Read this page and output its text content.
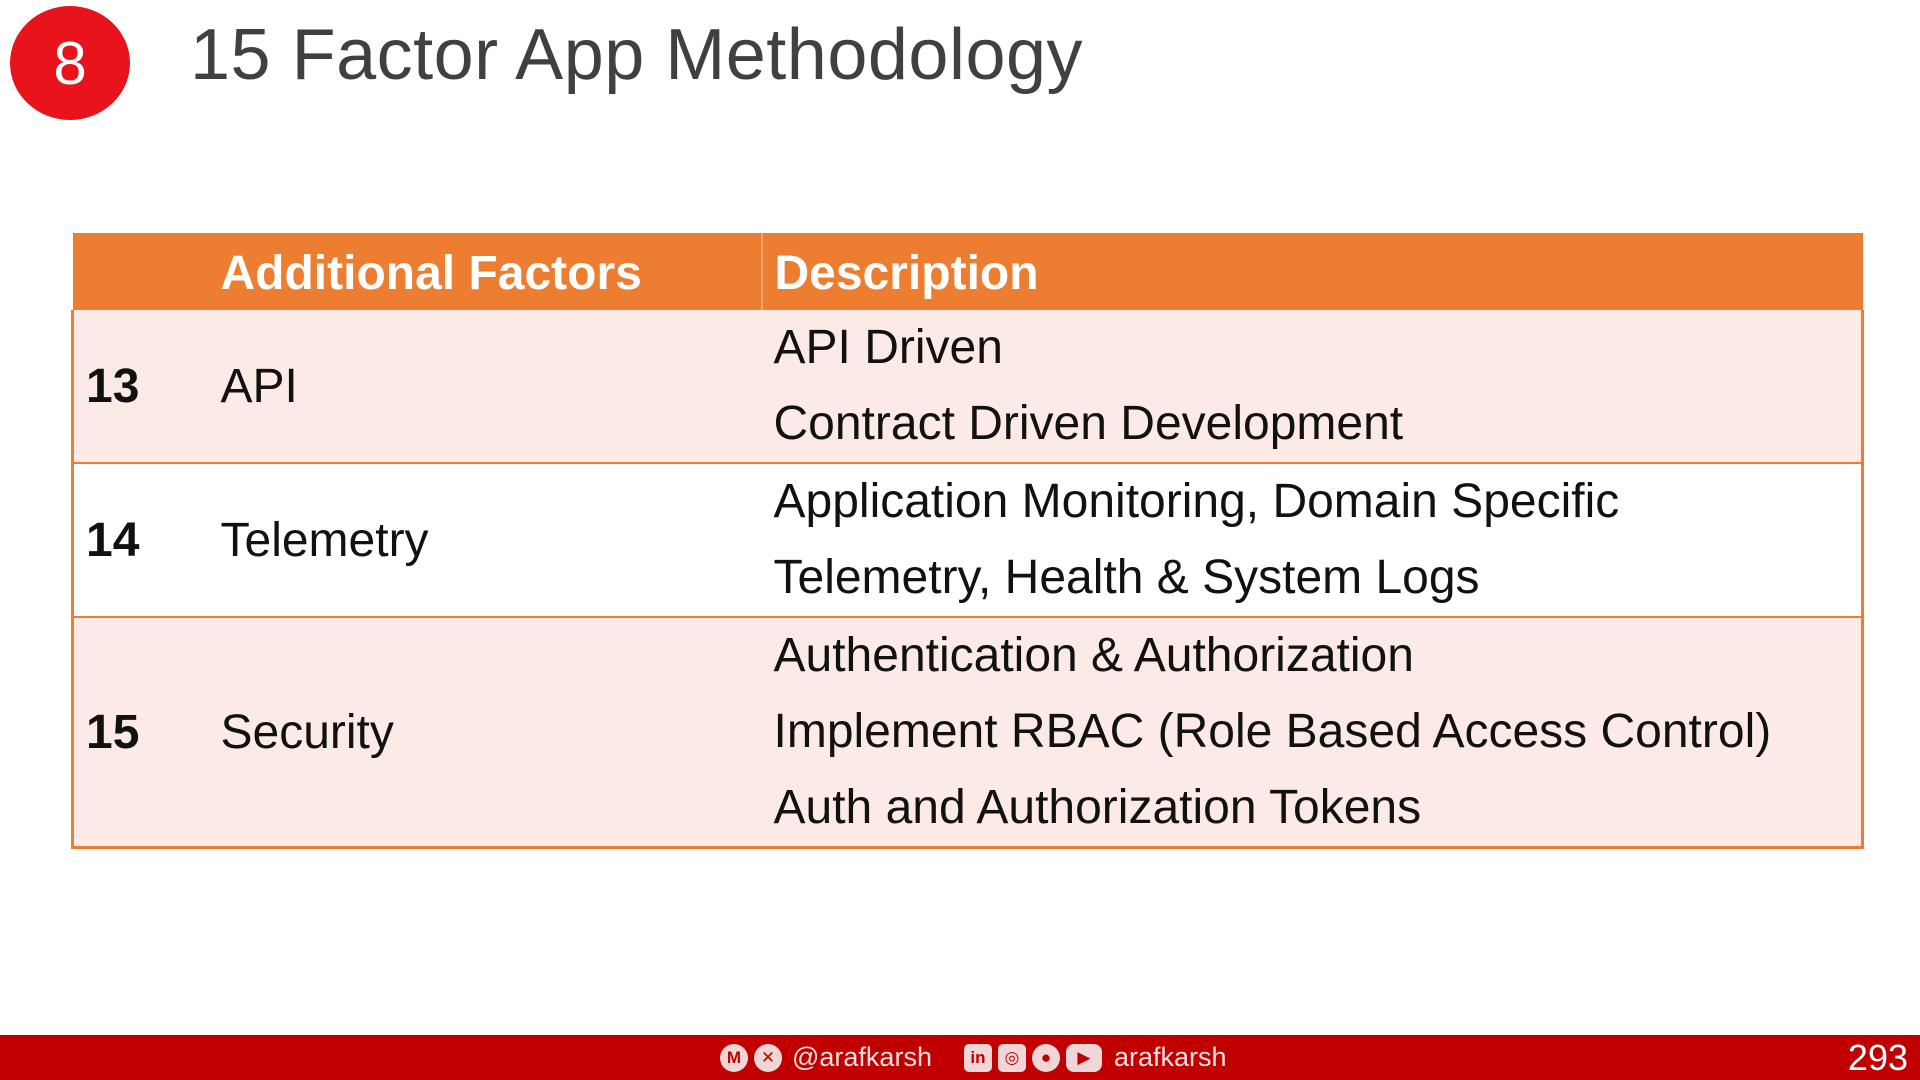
8 15 Factor App Methodology
	Additional Factors	Description
13	API	API Driven
Contract Driven Development

14	Telemetry	Application Monitoring, Domain Specific
Telemetry, Health & System Logs

15	Security	Authentication & Authorization
Implement RBAC (Role Based Access Control)
Auth and Authorization Tokens
M	✕ @arafkarsh	in	◎	●	▶ arafkarsh	293
